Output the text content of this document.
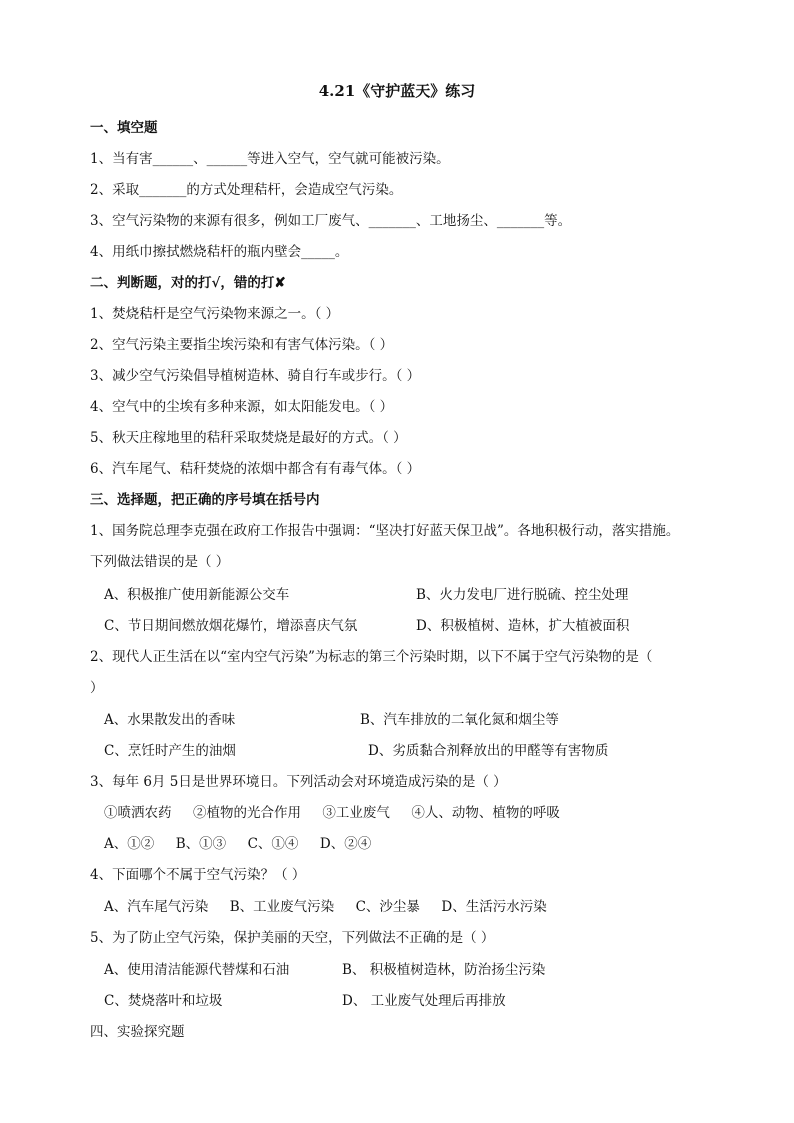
4.21《守护蓝天》练习
一、填空题
1、当有害______、______等进入空气，空气就可能被污染。
2、采取_______的方式处理秸杆，会造成空气污染。
3、空气污染物的来源有很多，例如工厂废气、_______、工地扬尘、_______等。
4、用纸巾擦拭燃烧秸杆的瓶内壁会_____。
二、判断题，对的打√，错的打✘
1、焚烧秸杆是空气污染物来源之一。（ ）
2、空气污染主要指尘埃污染和有害气体污染。（ ）
3、减少空气污染倡导植树造林、骑自行车或步行。（ ）
4、空气中的尘埃有多种来源，如太阳能发电。（ ）
5、秋天庄稼地里的秸秆采取焚烧是最好的方式。（ ）
6、汽车尾气、秸秆焚烧的浓烟中都含有有毒气体。（ ）
三、选择题，把正确的序号填在括号内
1、国务院总理李克强在政府工作报告中强调：“坚决打好蓝天保卫战”。各地积极行动，落实措施。
下列做法错误的是（ ）
A、积极推广使用新能源公交车	B、火力发电厂进行脱硫、控尘处理
C、节日期间燃放烟花爆竹，增添喜庆气氛	D、积极植树、造林，扩大植被面积
2、现代人正生活在以“室内空气污染”为标志的第三个污染时期，以下不属于空气污染物的是（
）
A、水果散发出的香味	B、汽车排放的二氧化氮和烟尘等
C、烹饪时产生的油烟	D、劣质黏合剂释放出的甲醛等有害物质
3、每年 6月 5日是世界环境日。下列活动会对环境造成污染的是（ ）
①喷洒农药     ②植物的光合作用     ③工业废气     ④人、动物、植物的呼吸
A、①②     B、①③     C、①④     D、②④
4、下面哪个不属于空气污染？（ ）
A、汽车尾气污染     B、工业废气污染     C、沙尘暴     D、生活污水污染
5、为了防止空气污染，保护美丽的天空，下列做法不正确的是（ ）
A、使用清洁能源代替煤和石油	B、 积极植树造林，防治扬尘污染
C、焚烧落叶和垃圾	D、 工业废气处理后再排放
四、实验探究题
